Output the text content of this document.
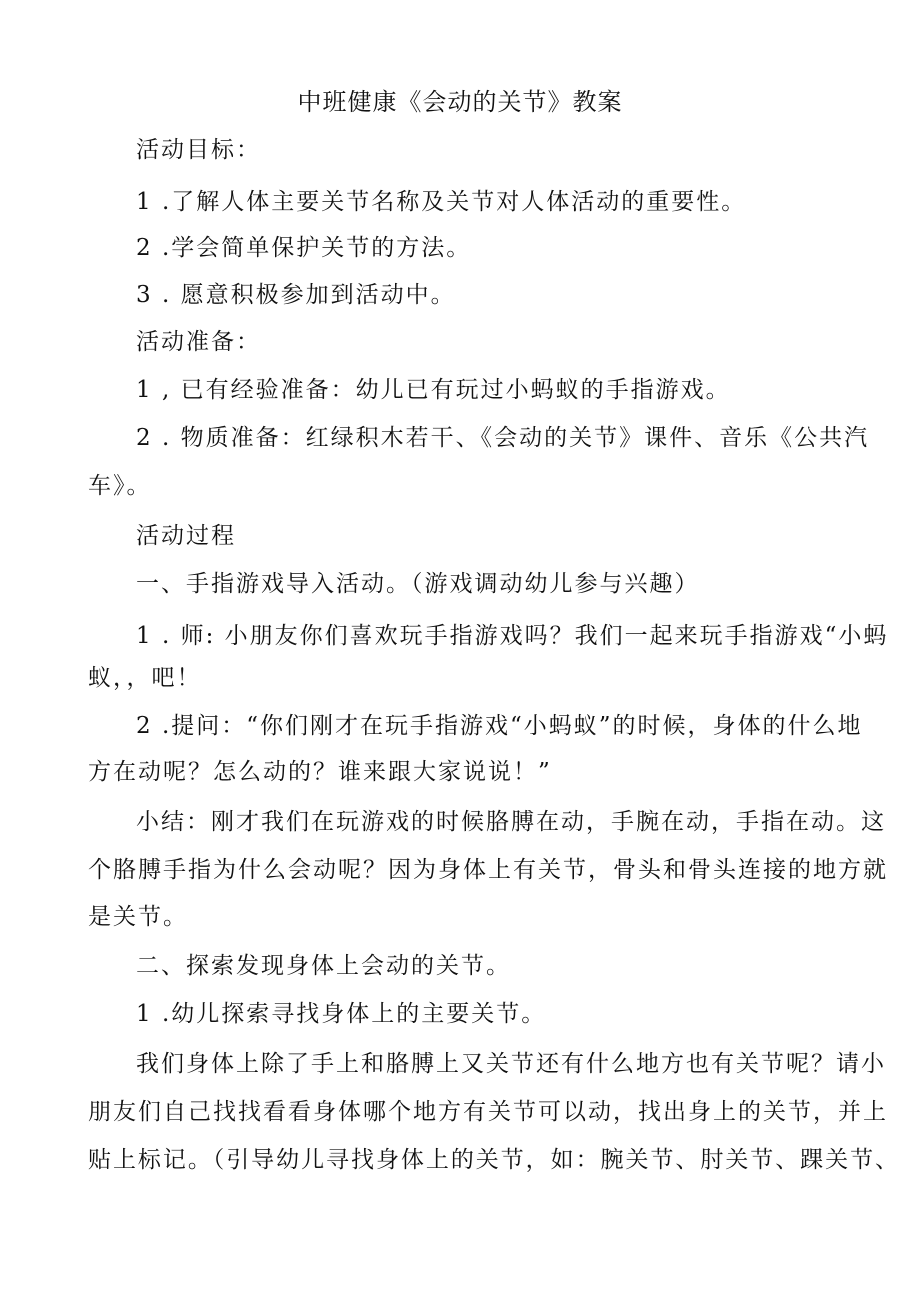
中班健康《会动的关节》教案
活动目标：
1 .了解人体主要关节名称及关节对人体活动的重要性。
2 .学会简单保护关节的方法。
3 . 愿意积极参加到活动中。
活动准备：
1 , 已有经验准备：幼儿已有玩过小蚂蚁的手指游戏。
2 . 物质准备：红绿积木若干、《会动的关节》课件、音乐《公共汽
车》。
活动过程
一、手指游戏导入活动。（游戏调动幼儿参与兴趣）
1 . 师: 小朋友你们喜欢玩手指游戏吗？我们一起来玩手指游戏“小蚂
蚁，，吧！
2 .提问：“你们刚才在玩手指游戏“小蚂蚁”的时候，身体的什么地
方在动呢？怎么动的？谁来跟大家说说！”
小结：刚才我们在玩游戏的时候胳膊在动，手腕在动，手指在动。这
个胳膊手指为什么会动呢？因为身体上有关节，骨头和骨头连接的地方就
是关节。
二、探索发现身体上会动的关节。
1 .幼儿探索寻找身体上的主要关节。
我们身体上除了手上和胳膊上又关节还有什么地方也有关节呢？请小
朋友们自己找找看看身体哪个地方有关节可以动，找出身上的关节，并上
贴上标记。（引导幼儿寻找身体上的关节，如：腕关节、肘关节、踝关节、
